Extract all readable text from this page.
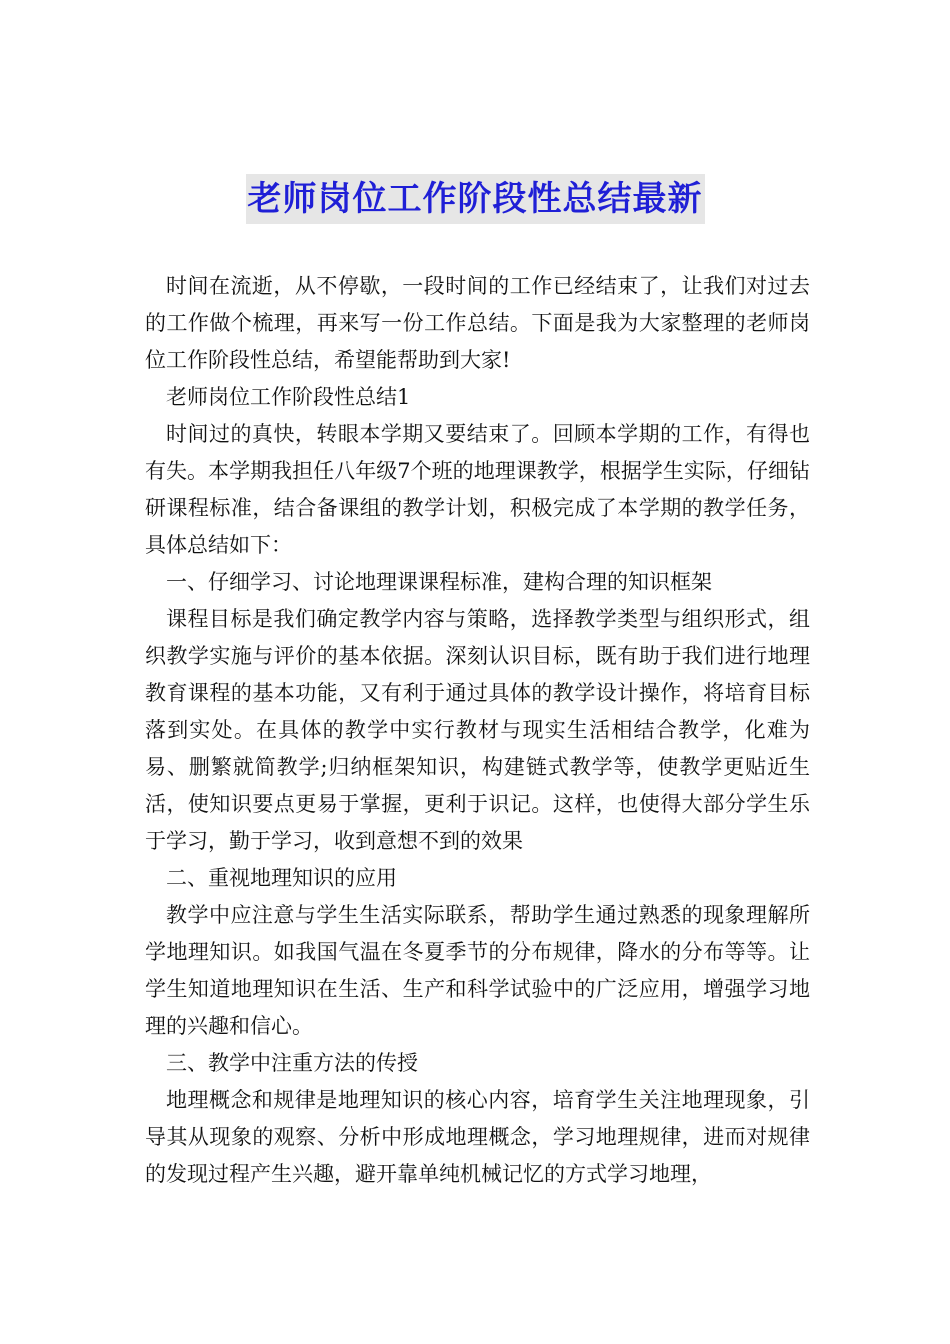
老师岗位工作阶段性总结最新

时间在流逝，从不停歇，一段时间的工作已经结束了，让我们对过去的工作做个梳理，再来写一份工作总结。下面是我为大家整理的老师岗位工作阶段性总结，希望能帮助到大家!

老师岗位工作阶段性总结1

时间过的真快，转眼本学期又要结束了。回顾本学期的工作，有得也有失。本学期我担任八年级7个班的地理课教学，根据学生实际，仔细钻研课程标准，结合备课组的教学计划，积极完成了本学期的教学任务，具体总结如下：

一、仔细学习、讨论地理课课程标准，建构合理的知识框架

课程目标是我们确定教学内容与策略，选择教学类型与组织形式，组织教学实施与评价的基本依据。深刻认识目标，既有助于我们进行地理教育课程的基本功能，又有利于通过具体的教学设计操作，将培育目标落到实处。在具体的教学中实行教材与现实生活相结合教学，化难为易、删繁就简教学;归纳框架知识，构建链式教学等，使教学更贴近生活，使知识要点更易于掌握，更利于识记。这样，也使得大部分学生乐于学习，勤于学习，收到意想不到的效果

二、重视地理知识的应用

教学中应注意与学生生活实际联系，帮助学生通过熟悉的现象理解所学地理知识。如我国气温在冬夏季节的分布规律，降水的分布等等。让学生知道地理知识在生活、生产和科学试验中的广泛应用，增强学习地理的兴趣和信心。

三、教学中注重方法的传授

地理概念和规律是地理知识的核心内容，培育学生关注地理现象，引导其从现象的观察、分析中形成地理概念，学习地理规律，进而对规律的发现过程产生兴趣，避开靠单纯机械记忆的方式学习地理，
